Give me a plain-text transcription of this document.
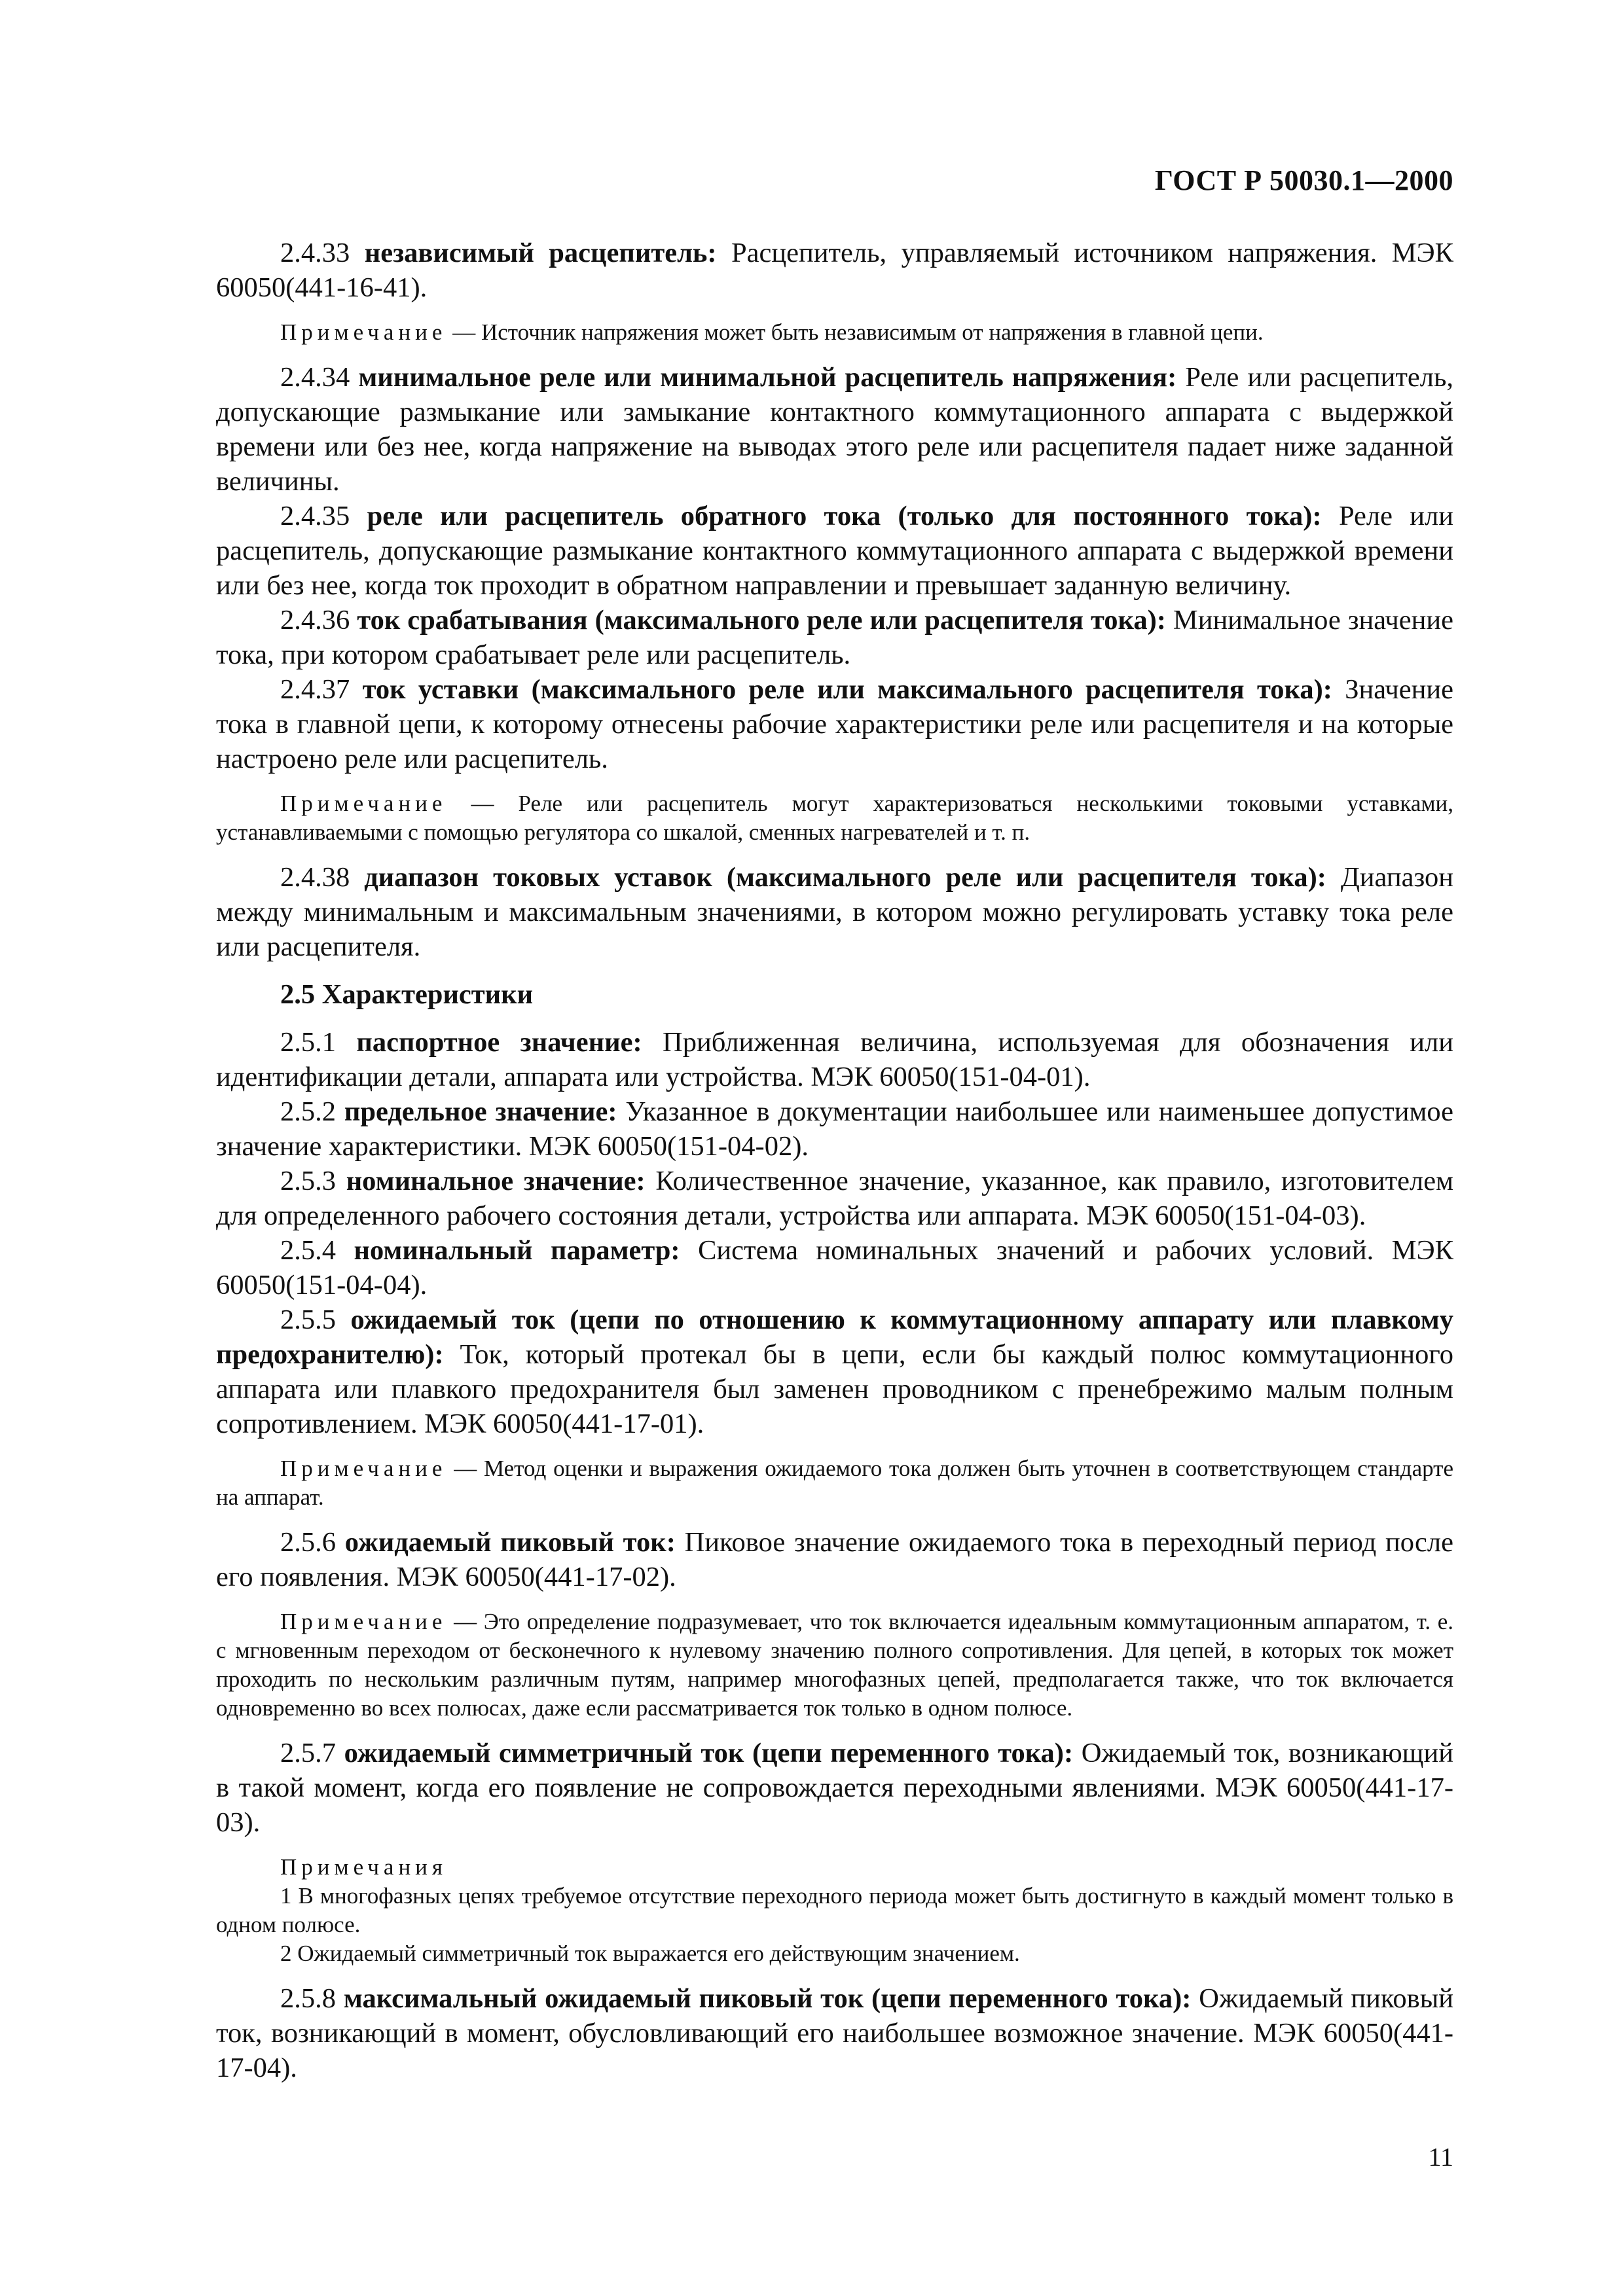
ГОСТ Р 50030.1—2000

2.4.33 независимый расцепитель: Расцепитель, управляемый источником напряжения. МЭК 60050(441-16-41).

Примечание — Источник напряжения может быть независимым от напряжения в главной цепи.

2.4.34 минимальное реле или минимальной расцепитель напряжения: Реле или расцепитель, допускающие размыкание или замыкание контактного коммутационного аппарата с выдержкой времени или без нее, когда напряжение на выводах этого реле или расцепителя падает ниже заданной величины.

2.4.35 реле или расцепитель обратного тока (только для постоянного тока): Реле или расцепитель, допускающие размыкание контактного коммутационного аппарата с выдержкой времени или без нее, когда ток проходит в обратном направлении и превышает заданную величину.

2.4.36 ток срабатывания (максимального реле или расцепителя тока): Минимальное значение тока, при котором срабатывает реле или расцепитель.

2.4.37 ток уставки (максимального реле или максимального расцепителя тока): Значение тока в главной цепи, к которому отнесены рабочие характеристики реле или расцепителя и на которые настроено реле или расцепитель.

Примечание — Реле или расцепитель могут характеризоваться несколькими токовыми уставками, устанавливаемыми с помощью регулятора со шкалой, сменных нагревателей и т. п.

2.4.38 диапазон токовых уставок (максимального реле или расцепителя тока): Диапазон между минимальным и максимальным значениями, в котором можно регулировать уставку тока реле или расцепителя.

2.5 Характеристики

2.5.1 паспортное значение: Приближенная величина, используемая для обозначения или идентификации детали, аппарата или устройства. МЭК 60050(151-04-01).

2.5.2 предельное значение: Указанное в документации наибольшее или наименьшее допустимое значение характеристики. МЭК 60050(151-04-02).

2.5.3 номинальное значение: Количественное значение, указанное, как правило, изготовителем для определенного рабочего состояния детали, устройства или аппарата. МЭК 60050(151-04-03).

2.5.4 номинальный параметр: Система номинальных значений и рабочих условий. МЭК 60050(151-04-04).

2.5.5 ожидаемый ток (цепи по отношению к коммутационному аппарату или плавкому предохранителю): Ток, который протекал бы в цепи, если бы каждый полюс коммутационного аппарата или плавкого предохранителя был заменен проводником с пренебрежимо малым полным сопротивлением. МЭК 60050(441-17-01).

Примечание — Метод оценки и выражения ожидаемого тока должен быть уточнен в соответствующем стандарте на аппарат.

2.5.6 ожидаемый пиковый ток: Пиковое значение ожидаемого тока в переходный период после его появления. МЭК 60050(441-17-02).

Примечание — Это определение подразумевает, что ток включается идеальным коммутационным аппаратом, т. е. с мгновенным переходом от бесконечного к нулевому значению полного сопротивления. Для цепей, в которых ток может проходить по нескольким различным путям, например многофазных цепей, предполагается также, что ток включается одновременно во всех полюсах, даже если рассматривается ток только в одном полюсе.

2.5.7 ожидаемый симметричный ток (цепи переменного тока): Ожидаемый ток, возникающий в такой момент, когда его появление не сопровождается переходными явлениями. МЭК 60050(441-17-03).

Примечания

1 В многофазных цепях требуемое отсутствие переходного периода может быть достигнуто в каждый момент только в одном полюсе.

2 Ожидаемый симметричный ток выражается его действующим значением.

2.5.8 максимальный ожидаемый пиковый ток (цепи переменного тока): Ожидаемый пиковый ток, возникающий в момент, обусловливающий его наибольшее возможное значение. МЭК 60050(441-17-04).

11
